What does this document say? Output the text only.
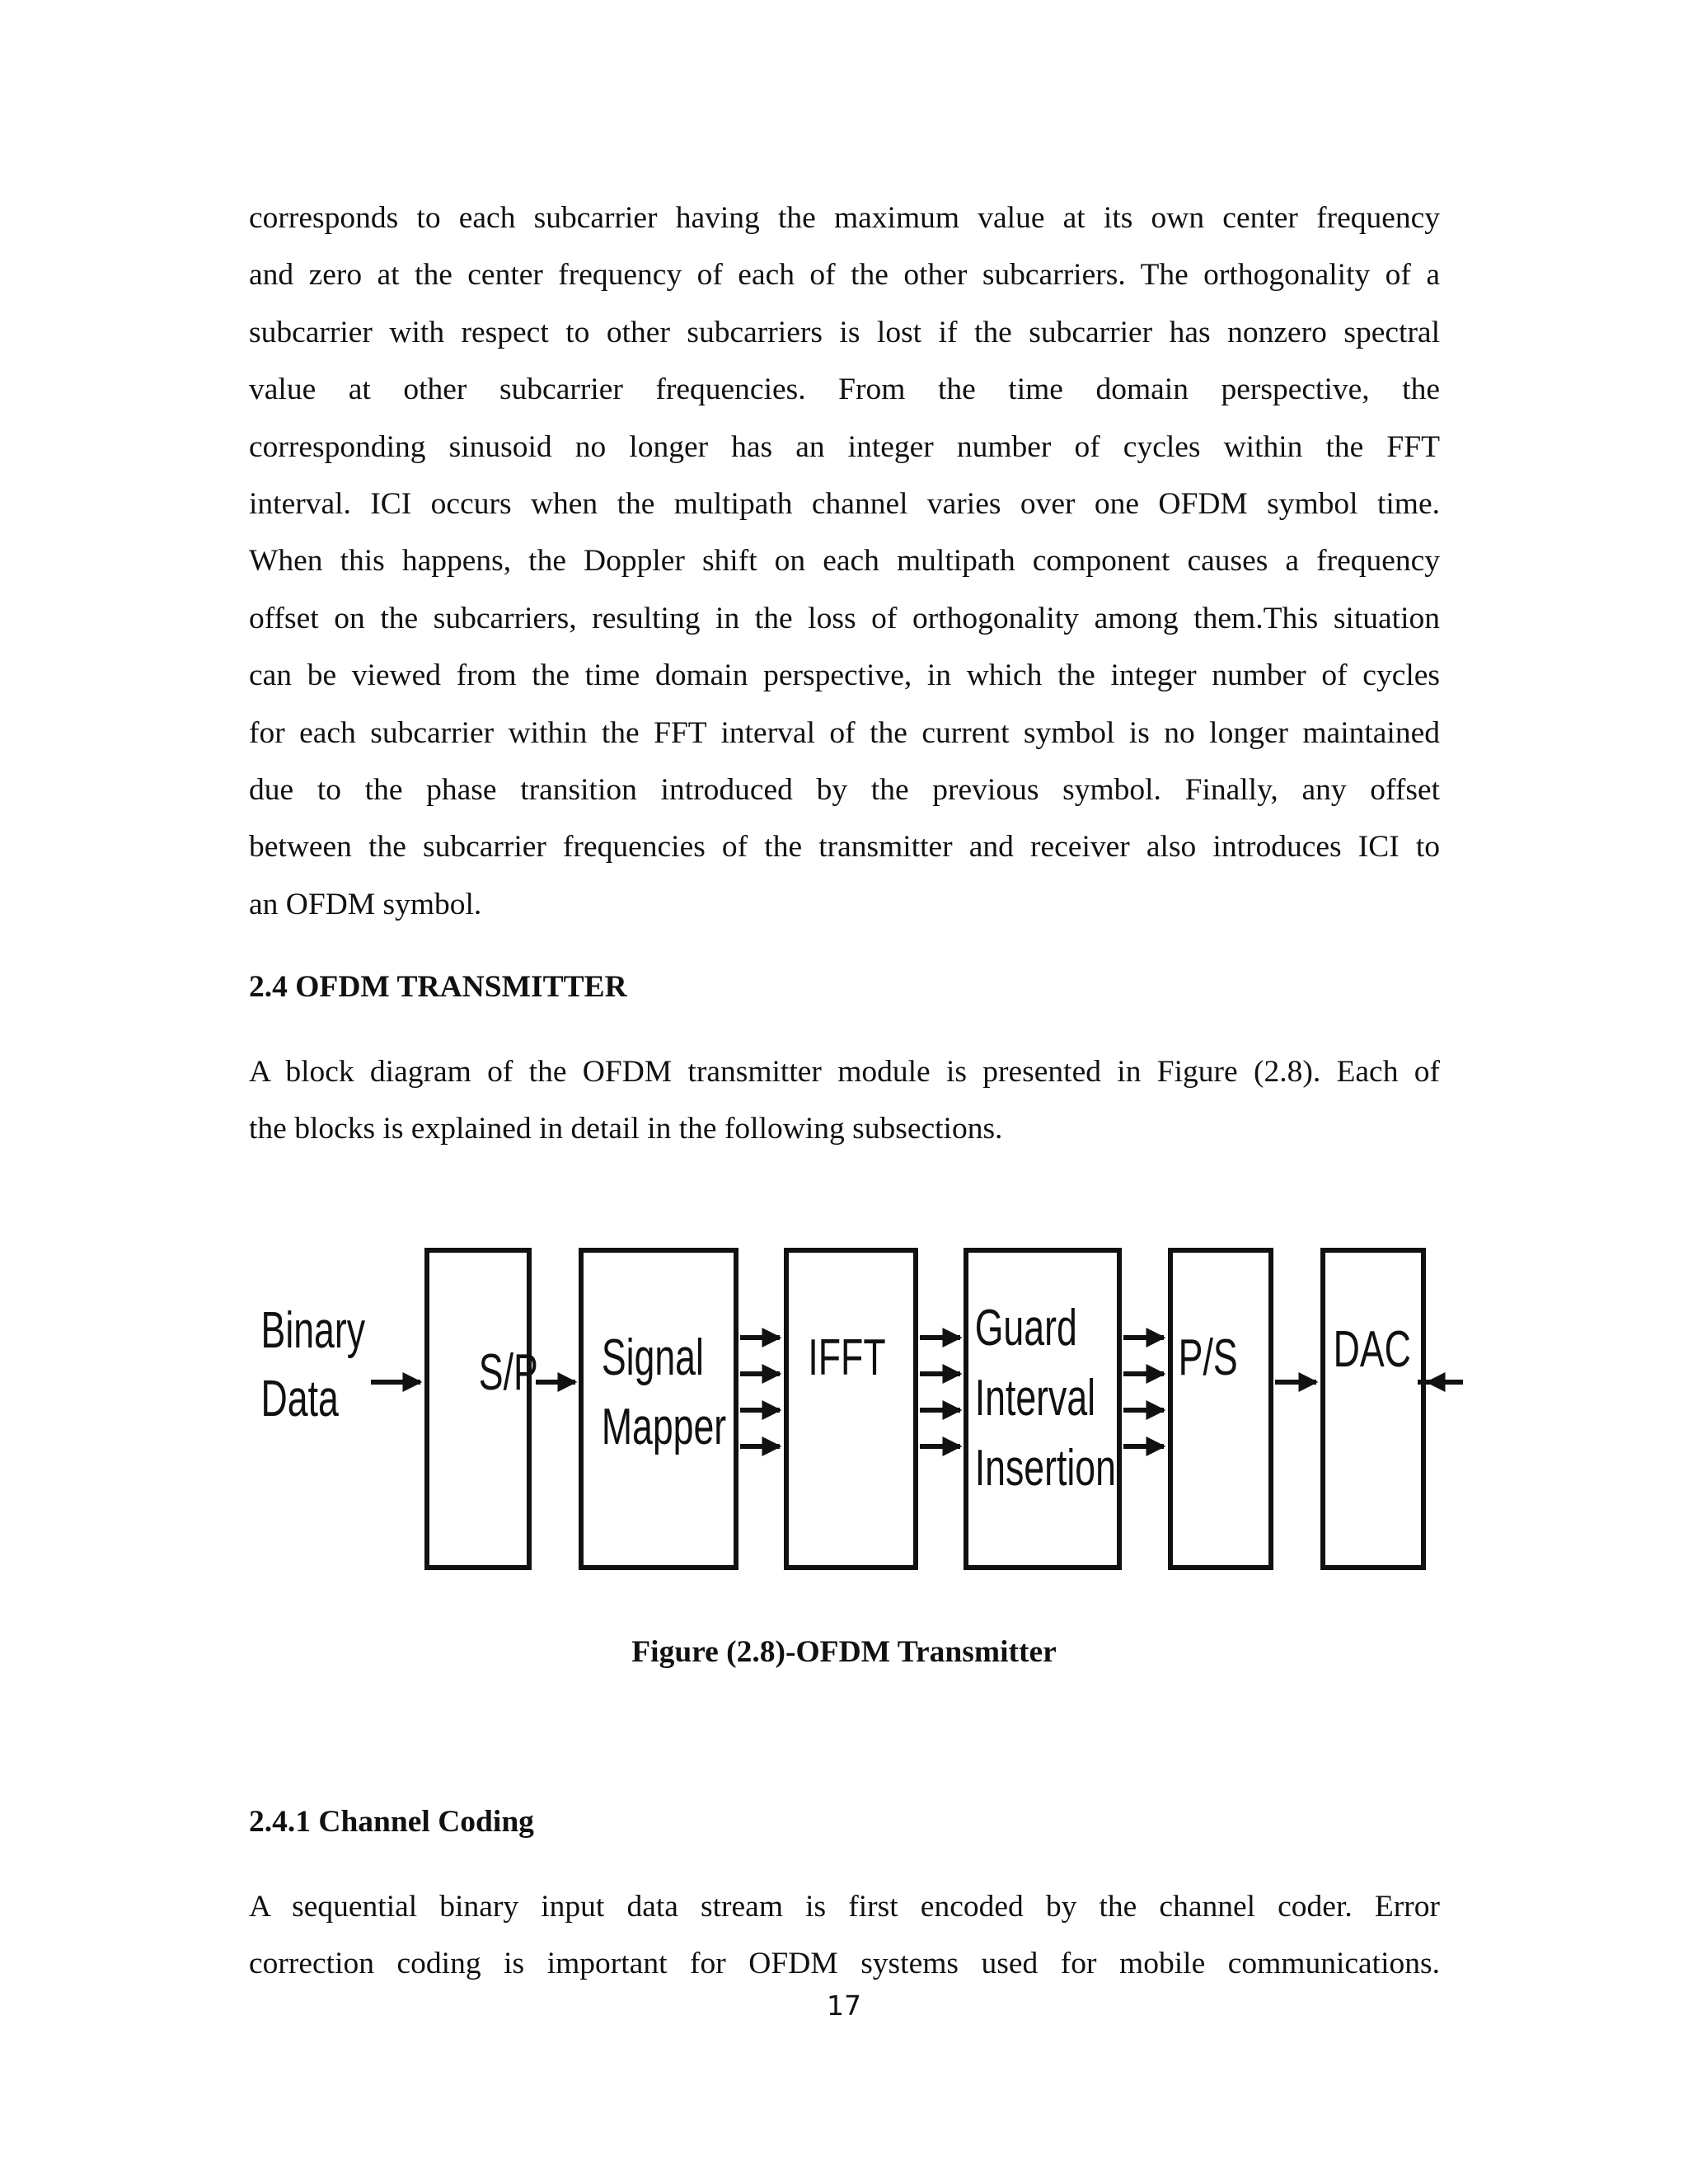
corresponds to each subcarrier having the maximum value at its own center frequency
and zero at the center frequency of each of the other subcarriers. The orthogonality of a
subcarrier with respect to other subcarriers is lost if the subcarrier has nonzero spectral
value at other subcarrier frequencies. From the time domain perspective, the
corresponding sinusoid no longer has an integer number of cycles within the FFT
interval. ICI occurs when the multipath channel varies over one OFDM symbol time.
When this happens, the Doppler shift on each multipath component causes a frequency
offset on the subcarriers, resulting in the loss of orthogonality among them.This situation
can be viewed from the time domain perspective, in which the integer number of cycles
for each subcarrier within the FFT interval of the current symbol is no longer maintained
due to the phase transition introduced by the previous symbol. Finally, any offset
between the subcarrier frequencies of the transmitter and receiver also introduces ICI to
an OFDM symbol.
2.4 OFDM TRANSMITTER
A block diagram of the OFDM transmitter module is presented in Figure (2.8). Each of
the blocks is explained in detail in the following subsections.
Binary
Data	S/P Signal
Mapper
IFFT
Guard
Interval
Insertion
P/S DAC

Figure (2.8)-OFDM Transmitter

2.4.1 Channel Coding
A sequential binary input data stream is first encoded by the channel coder. Error
correction coding is important for OFDM systems used for mobile communications.
17
